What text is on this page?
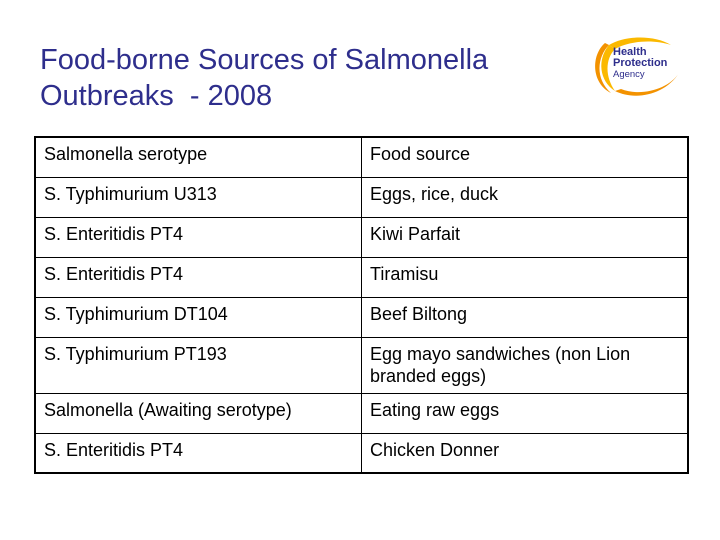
Food-borne Sources of Salmonella
Outbreaks  - 2008
Health
Protection
Agency
Salmonella serotype	Food source
S. Typhimurium U313	Eggs, rice, duck
S. Enteritidis PT4	Kiwi Parfait
S. Enteritidis PT4	Tiramisu
S. Typhimurium DT104	Beef Biltong
S. Typhimurium PT193	Egg mayo sandwiches (non Lion branded eggs)
Salmonella (Awaiting serotype)	Eating raw eggs
S. Enteritidis PT4	Chicken Donner
